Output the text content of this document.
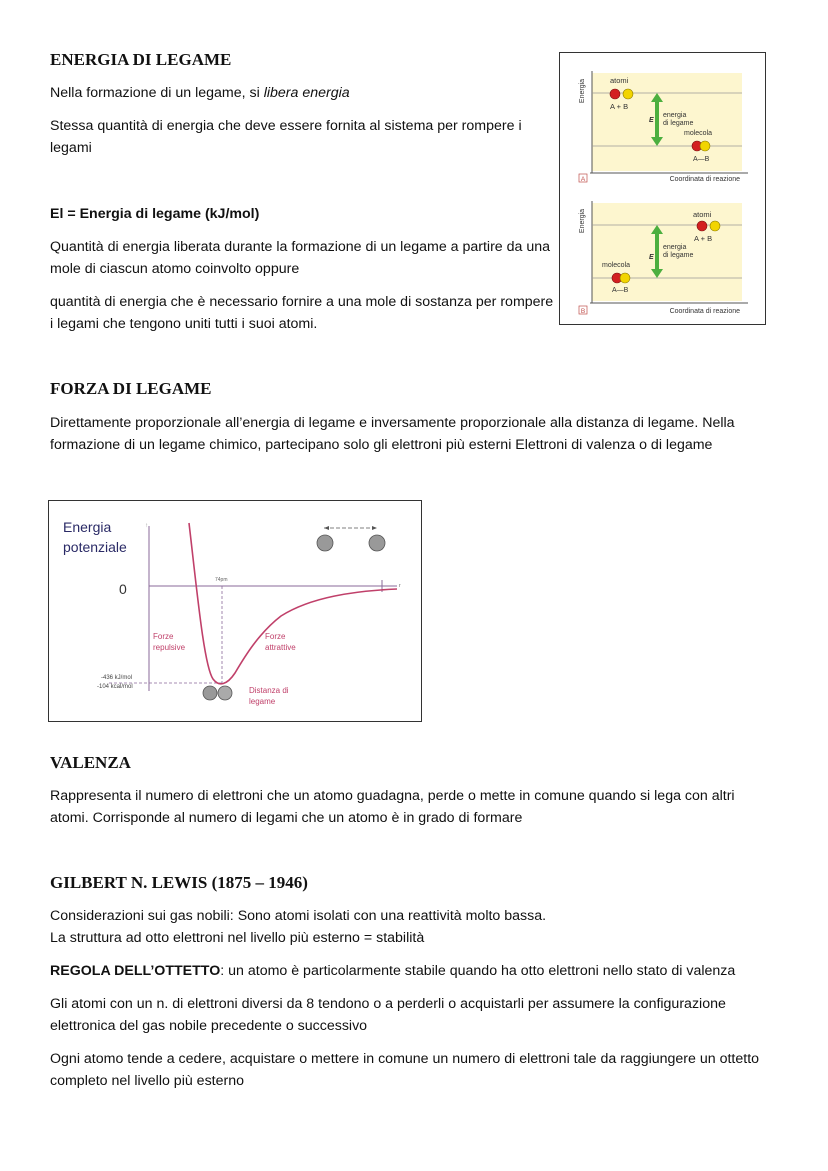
ENERGIA DI LEGAME

Nella formazione di un legame, si libera energia

Stessa quantità di energia che deve essere fornita al sistema per rompere i legami

El = Energia di legame (kJ/mol)

Quantità di energia liberata durante la formazione di un legame a partire da una mole di ciascun atomo coinvolto oppure

quantità di energia che è necessario fornire a una mole di sostanza per rompere i legami che tengono uniti tutti i suoi atomi.

Energia	atomi
A + B
E
energia
di legame
molecola
A—B
A	Coordinata di reazione
Energia	atomi
A + B
E
energia
di legame
molecola
A—B
B	Coordinata di reazione
FORZA DI LEGAME

Direttamente proporzionale all’energia di legame e inversamente proporzionale alla distanza di legame. Nella formazione di un legame chimico, partecipano solo gli elettroni più esterni Elettroni di valenza o di legame

Energia
potenziale
↑
0	r
74pm
Forze
repulsive
Forze
attrattive
-436 kJ/mol
-104 kcal/mol	Distanza di
legame
VALENZA

Rappresenta il numero di elettroni che un atomo guadagna, perde o mette in comune quando si lega con altri atomi. Corrisponde al numero di legami che un atomo è in grado di formare

GILBERT N. LEWIS (1875 – 1946)

Considerazioni sui gas nobili: Sono atomi isolati con una reattività molto bassa.

La struttura ad otto elettroni nel livello più esterno = stabilità

REGOLA DELL’OTTETTO: un atomo è particolarmente stabile quando ha otto elettroni nello stato di valenza

Gli atomi con un n. di elettroni diversi da 8 tendono o a perderli o acquistarli per assumere la configurazione elettronica del gas nobile precedente o successivo

Ogni atomo tende a cedere, acquistare o mettere in comune un numero di elettroni tale da raggiungere un ottetto completo nel livello più esterno
